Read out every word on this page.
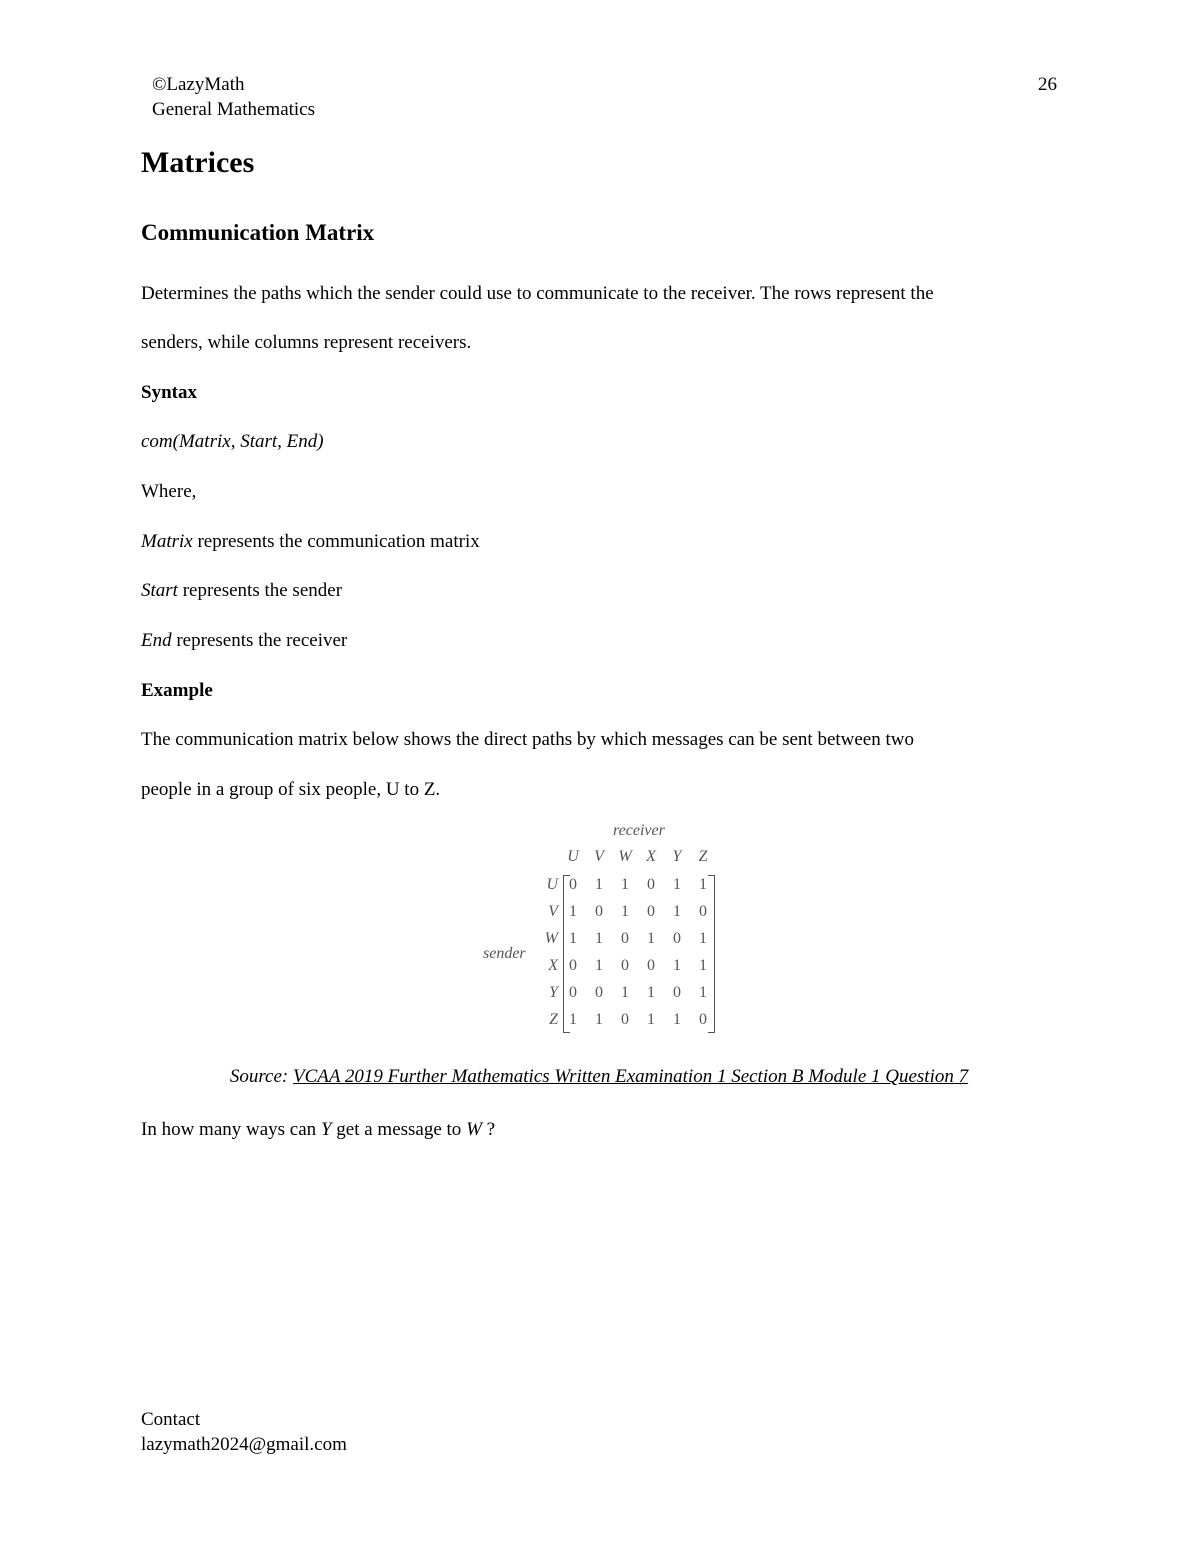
©LazyMath
General Mathematics
26
Matrices
Communication Matrix
Determines the paths which the sender could use to communicate to the receiver. The rows represent the
senders, while columns represent receivers.
Syntax
com(Matrix, Start, End)
Where,
Matrix represents the communication matrix
Start represents the sender
End represents the receiver
Example
The communication matrix below shows the direct paths by which messages can be sent between two
people in a group of six people, U to Z.
receiver
sender
U V W X	Y	Z
U 0	1	1	0	1	1
V 1	0	1	0	1	0
W 1	1	0	1	0	1
X 0	1	0	0	1	1
Y 0	0	1	1	0	1
Z 1	1	0	1	1	0
Source: VCAA 2019 Further Mathematics Written Examination 1 Section B Module 1 Question 7
In how many ways can Y get a message to W ?
Contact
lazymath2024@gmail.com
